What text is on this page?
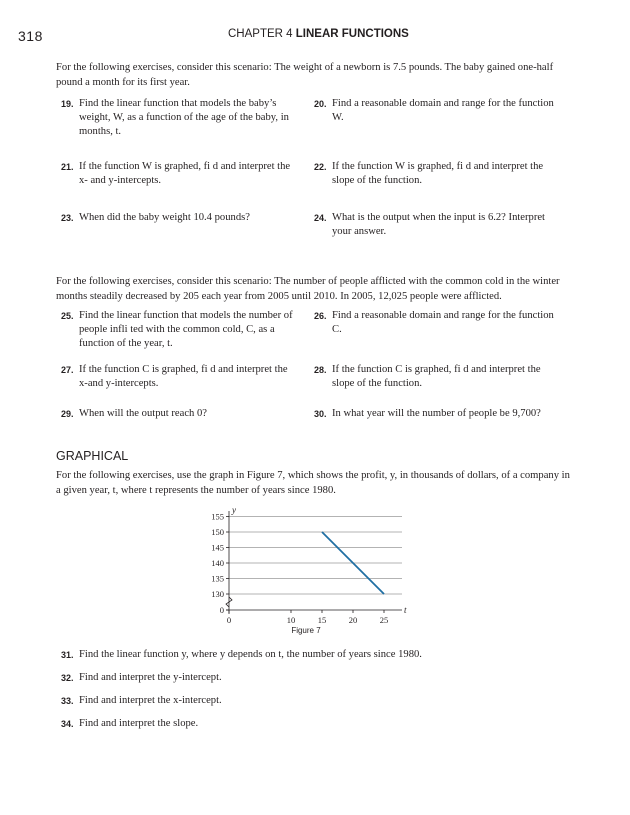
318	CHAPTER 4 LINEAR FUNCTIONS
For the following exercises, consider this scenario: The weight of a newborn is 7.5 pounds. The baby gained one-half pound a month for its first year.
19. Find the linear function that models the baby’s weight, W, as a function of the age of the baby, in months, t.
20. Find a reasonable domain and range for the function W.
21. If the function W is graphed, fi d and interpret the x- and y-intercepts.
22. If the function W is graphed, fi d and interpret the slope of the function.
23. When did the baby weight 10.4 pounds?	24. What is the output when the input is 6.2? Interpret your answer.
For the following exercises, consider this scenario: The number of people afflicted with the common cold in the winter months steadily decreased by 205 each year from 2005 until 2010. In 2005, 12,025 people were afflicted.
25. Find the linear function that models the number of people infli ted with the common cold, C, as a function of the year, t.
26. Find a reasonable domain and range for the function C.
27. If the function C is graphed, fi d and interpret the x-and y-intercepts.
28. If the function C is graphed, fi d and interpret the slope of the function.
29. When will the output reach 0?	30. In what year will the number of people be 9,700?
GRAPHICAL
For the following exercises, use the graph in Figure 7, which shows the profit, y, in thousands of dollars, of a company in a given year, t, where t represents the number of years since 1980.
0
130
135
140
145
150
155
0	10	15	20	25
y
t
Figure 7
31. Find the linear function y, where y depends on t, the number of years since 1980.
32. Find and interpret the y-intercept.
33. Find and interpret the x-intercept.
34. Find and interpret the slope.
